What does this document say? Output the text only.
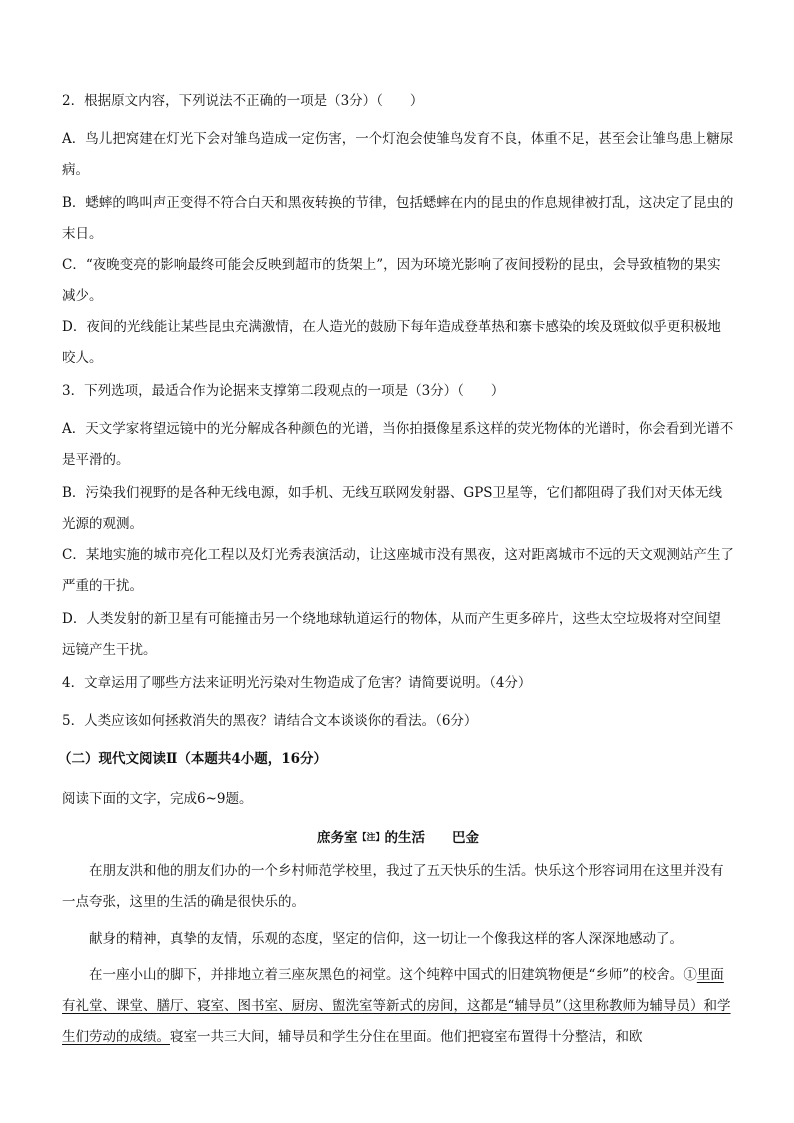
2．根据原文内容，下列说法不正确的一项是（3分）（　　）

A．鸟儿把窝建在灯光下会对雏鸟造成一定伤害，一个灯泡会使雏鸟发育不良，体重不足，甚至会让雏鸟患上糖尿病。

B．蟋蟀的鸣叫声正变得不符合白天和黑夜转换的节律，包括蟋蟀在内的昆虫的作息规律被打乱，这决定了昆虫的末日。

C．“夜晚变亮的影响最终可能会反映到超市的货架上”，因为环境光影响了夜间授粉的昆虫，会导致植物的果实减少。

D．夜间的光线能让某些昆虫充满激情，在人造光的鼓励下每年造成登革热和寨卡感染的埃及斑蚊似乎更积极地咬人。

3．下列选项，最适合作为论据来支撑第二段观点的一项是（3分）（　　）

A．天文学家将望远镜中的光分解成各种颜色的光谱，当你拍摄像星系这样的荧光物体的光谱时，你会看到光谱不是平滑的。

B．污染我们视野的是各种无线电源，如手机、无线互联网发射器、GPS卫星等，它们都阻碍了我们对天体无线光源的观测。

C．某地实施的城市亮化工程以及灯光秀表演活动，让这座城市没有黑夜，这对距离城市不远的天文观测站产生了严重的干扰。

D．人类发射的新卫星有可能撞击另一个绕地球轨道运行的物体，从而产生更多碎片，这些太空垃圾将对空间望远镜产生干扰。

4．文章运用了哪些方法来证明光污染对生物造成了危害？请简要说明。（4分）

5．人类应该如何拯救消失的黑夜？请结合文本谈谈你的看法。（6分）

（二）现代文阅读Ⅱ（本题共4小题，16分）

阅读下面的文字，完成6~9题。

庶务室$^{【注】}$的生活　　 巴金

在朋友洪和他的朋友们办的一个乡村师范学校里，我过了五天快乐的生活。快乐这个形容词用在这里并没有一点夸张，这里的生活的确是很快乐的。

献身的精神，真挚的友情，乐观的态度，坚定的信仰，这一切让一个像我这样的客人深深地感动了。

在一座小山的脚下，并排地立着三座灰黑色的祠堂。这个纯粹中国式的旧建筑物便是“乡师”的校舍。①里面有礼堂、课堂、膳厅、寝室、图书室、厨房、盥洗室等新式的房间，这都是“辅导员”（这里称教师为辅导员）和学生们劳动的成绩。寝室一共三大间，辅导员和学生分住在里面。他们把寝室布置得十分整洁，和欧
